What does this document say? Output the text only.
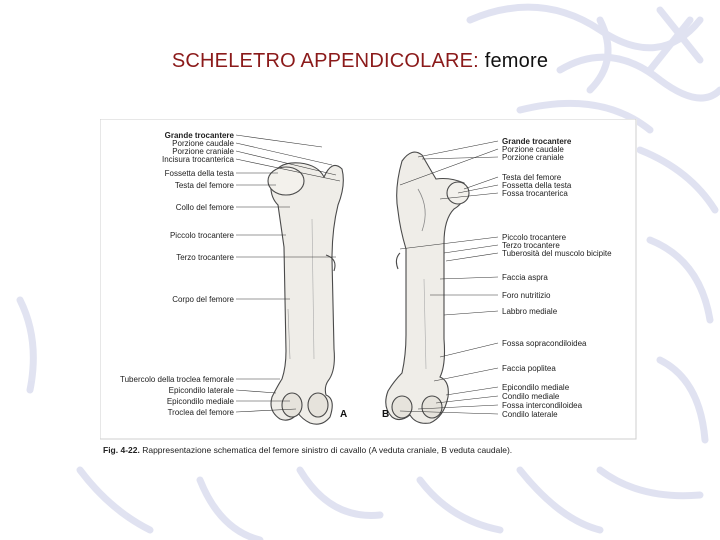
SCHELETRO APPENDICOLARE: femore
Grande trocantere
Porzione caudale
Porzione craniale
Incisura trocanterica
Fossetta della testa
Testa del femore
Collo del femore
Piccolo trocantere
Terzo trocantere
Corpo del femore
Tubercolo della troclea femorale
Epicondilo laterale
Epicondilo mediale
Troclea del femore
Grande trocantere
Porzione caudale
Porzione craniale
Testa del femore
Fossetta della testa
Fossa trocanterica
Piccolo trocantere
Terzo trocantere
Tuberosità del muscolo bicipite
Faccia aspra
Foro nutritizio
Labbro mediale
Fossa sopracondiloidea
Faccia poplitea
Epicondilo mediale
Condilo mediale
Fossa intercondiloidea
Condilo laterale
A	B
Fig. 4-22. Rappresentazione schematica del femore sinistro di cavallo (A veduta craniale, B veduta caudale).
